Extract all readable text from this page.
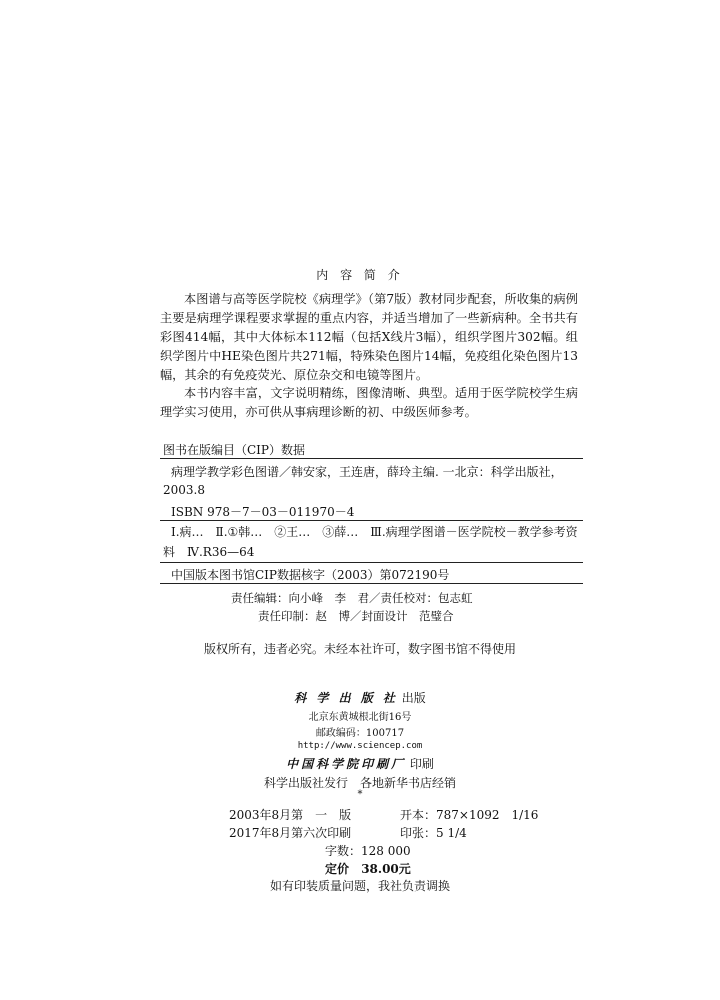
内 容 简 介
本图谱与高等医学院校《病理学》（第7版）教材同步配套，所收集的病例主要是病理学课程要求掌握的重点内容，并适当增加了一些新病种。全书共有彩图414幅，其中大体标本112幅（包括X线片3幅），组织学图片302幅。组织学图片中HE染色图片共271幅，特殊染色图片14幅，免疫组化染色图片13幅，其余的有免疫荧光、原位杂交和电镜等图片。
本书内容丰富，文字说明精练，图像清晰、典型。适用于医学院校学生病理学实习使用，亦可供从事病理诊断的初、中级医师参考。
图书在版编目（CIP）数据
病理学教学彩色图谱／韩安家，王连唐，薛玲主编. 一北京：科学出版社，
2003.8
ISBN 978－7－03－011970－4
Ⅰ.病…　Ⅱ.①韩…　②王…　③薛…　Ⅲ.病理学图谱－医学院校－教学参考资料　Ⅳ.R36—64
中国版本图书馆CIP数据核字（2003）第072190号
责任编辑：向小峰　李　君／责任校对：包志虹
责任印制：赵　博／封面设计　范璧合
版权所有，违者必究。未经本社许可，数字图书馆不得使用
科 学 出 版 社 出版
北京东黄城根北街16号
邮政编码：100717
http://www.sciencep.com
中国科学院印刷厂 印刷
科学出版社发行　各地新华书店经销
*
2003年8月第　一　版	开本：787×1092　1/16
2017年8月第六次印刷	印张：5 1/4
字数：128 000
定价 38.00元
如有印装质量问题，我社负责调换
